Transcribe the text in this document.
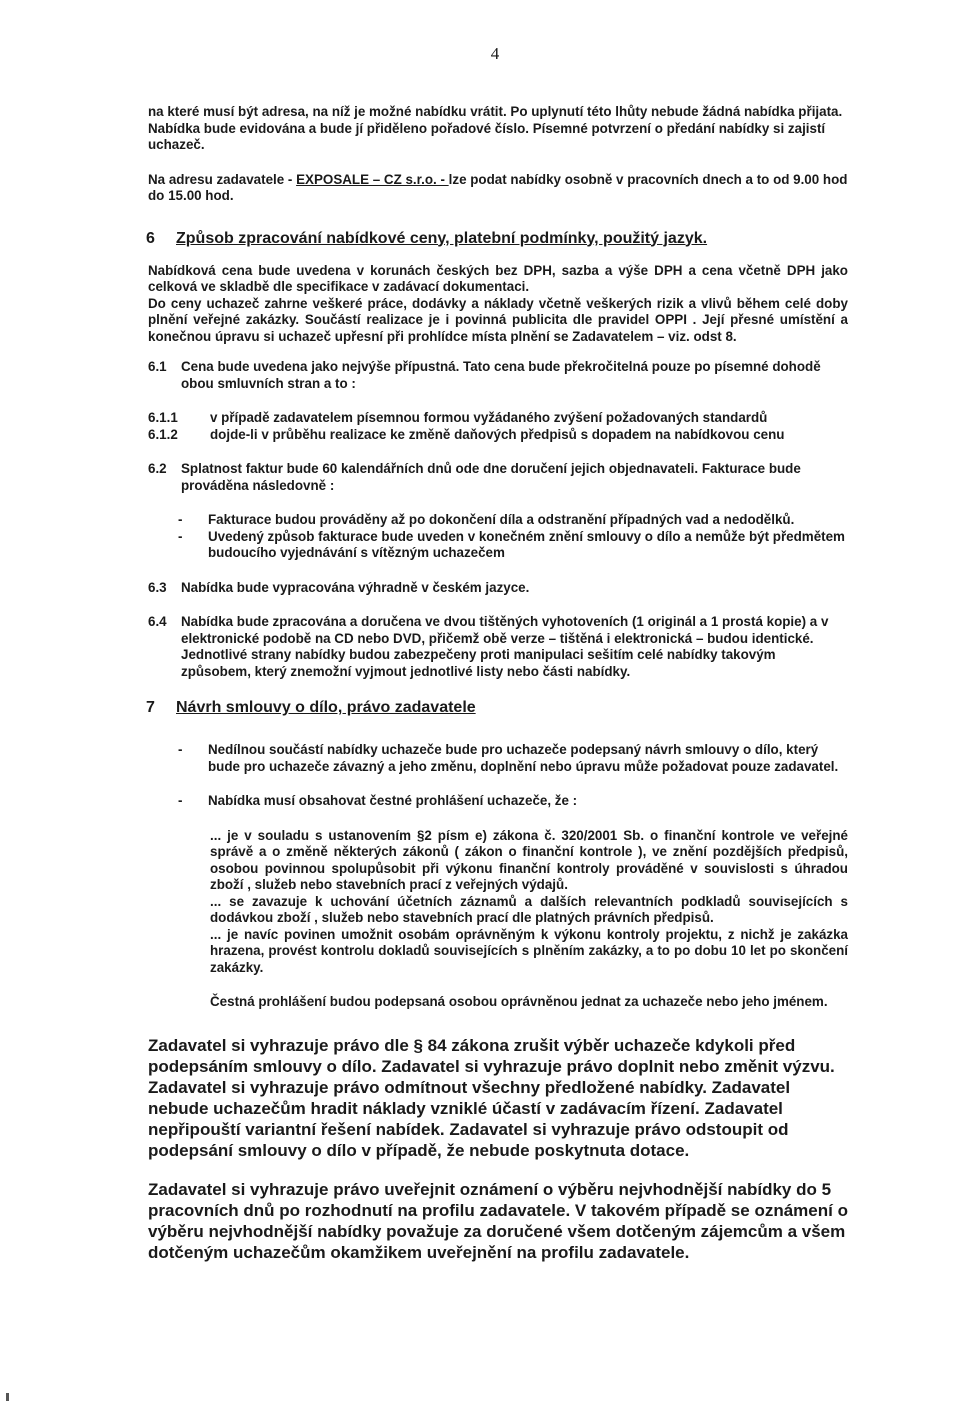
4

na které musí být adresa, na níž je možné nabídku vrátit. Po uplynutí této lhůty nebude žádná nabídka přijata. Nabídka bude evidována a bude jí přiděleno pořadové číslo. Písemné potvrzení o předání nabídky si zajistí uchazeč.

Na adresu zadavatele - EXPOSALE – CZ s.r.o. - lze podat nabídky osobně v pracovních dnech a to od 9.00 hod do 15.00 hod.

6	Způsob zpracování nabídkové ceny, platební podmínky, použitý jazyk.

Nabídková cena bude uvedena v korunách českých bez DPH, sazba a výše DPH a cena včetně DPH jako celková ve skladbě dle specifikace v zadávací dokumentaci.

Do ceny uchazeč zahrne veškeré práce, dodávky a náklady včetně veškerých rizik a vlivů během celé doby plnění veřejné zakázky. Součástí realizace je i povinná publicita dle pravidel OPPI . Její přesné umístění a konečnou úpravu si uchazeč upřesní při prohlídce místa plnění se Zadavatelem – viz. odst 8.

6.1	Cena bude uvedena jako nejvýše přípustná. Tato cena bude překročitelná pouze po písemné dohodě obou smluvních stran a to :
6.1.1	v případě zadavatelem písemnou formou vyžádaného zvýšení požadovaných standardů
6.1.2	dojde-li v průběhu realizace ke změně daňových předpisů s dopadem na nabídkovou cenu
6.2	Splatnost faktur bude 60 kalendářních dnů ode dne doručení jejich objednavateli. Fakturace bude prováděna následovně :
-	Fakturace budou prováděny až po dokončení díla a odstranění případných vad a nedodělků.
-	Uvedený způsob fakturace bude uveden v konečném znění smlouvy o dílo a nemůže být předmětem budoucího vyjednávání s vítězným uchazečem
6.3	Nabídka bude vypracována výhradně v českém jazyce.
6.4	Nabídka bude zpracována a doručena ve dvou tištěných vyhotoveních (1 originál a 1 prostá kopie) a v elektronické podobě na CD nebo DVD, přičemž obě verze – tištěná i elektronická – budou identické. Jednotlivé strany nabídky budou zabezpečeny proti manipulaci sešitím celé nabídky takovým způsobem, který znemožní vyjmout jednotlivé listy nebo části nabídky.
7	Návrh smlouvy o dílo, právo zadavatele
-	Nedílnou součástí nabídky uchazeče bude pro uchazeče podepsaný návrh smlouvy o dílo, který bude pro uchazeče závazný a jeho změnu, doplnění nebo úpravu může požadovat pouze zadavatel.
-	Nabídka musí obsahovat čestné prohlášení uchazeče, že :

... je v souladu s ustanovením §2 písm e) zákona č. 320/2001 Sb. o finanční kontrole ve veřejné správě a o změně některých zákonů ( zákon o finanční kontrole ), ve znění pozdějších předpisů, osobou povinnou spolupůsobit při výkonu finanční kontroly prováděné v souvislosti s úhradou zboží , služeb nebo stavebních prací z veřejných výdajů.

... se zavazuje k uchování účetních záznamů a dalších relevantních podkladů souvisejících s dodávkou zboží , služeb nebo stavebních prací dle platných právních předpisů.

... je navíc povinen umožnit osobám oprávněným k výkonu kontroly projektu, z nichž je zakázka hrazena, provést kontrolu dokladů souvisejících s plněním zakázky, a to po dobu 10 let po skončení zakázky.

Čestná prohlášení budou podepsaná osobou oprávněnou jednat za uchazeče nebo jeho jménem.

Zadavatel si vyhrazuje právo dle § 84 zákona zrušit výběr uchazeče kdykoli před podepsáním smlouvy o dílo. Zadavatel si vyhrazuje právo doplnit nebo změnit výzvu. Zadavatel si vyhrazuje právo odmítnout všechny předložené nabídky. Zadavatel nebude uchazečům hradit náklady vzniklé účastí v zadávacím řízení. Zadavatel nepřipouští variantní řešení nabídek. Zadavatel si vyhrazuje právo odstoupit od podepsání smlouvy o dílo v případě, že nebude poskytnuta dotace.

Zadavatel si vyhrazuje právo uveřejnit oznámení o výběru nejvhodnější nabídky do 5 pracovních dnů po rozhodnutí na profilu zadavatele. V takovém případě se oznámení o výběru nejvhodnější nabídky považuje za doručené všem dotčeným zájemcům a všem dotčeným uchazečům okamžikem uveřejnění na profilu zadavatele.
